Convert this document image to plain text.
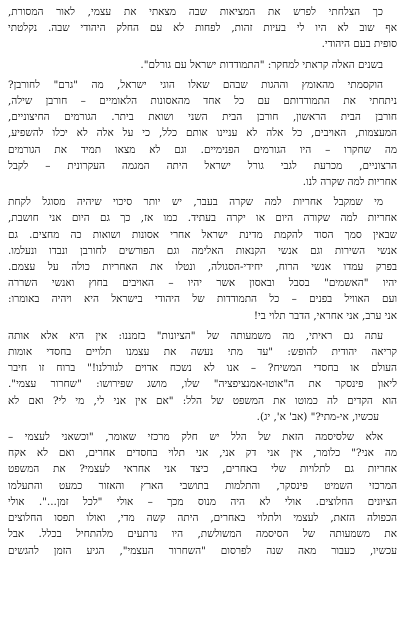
כך הצלחתי לפרש את המציאות שבה מצאתי את עצמי, לאור המסורת,
אף שוב לא היו לי בעיות זהות, לפחות לא עם החלק היהודי שבה. נקלטתי
סופית בעם היהודי.
בשנים האלה קראתי למחקר: "התמודדות ישראל עם גורלם".
הוקסמתי מהאומץ וההגות שבהם שאלו הוגי ישראל, מה "גרם" לחורבן?
ניתחתי את התמודדותם עם כל אחד מהאסונות הלאומיים – חורבן שילה,
חורבן הבית הראשון, חורבן הבית השני ושואת ביתר. הגורמים החיצוניים,
המעצמות, האויבים, כל אלה לא עניינו אותם כלל, כי על אלה לא יכלו להשפיע,
מה שחקרו – היו הגורמים הפנימיים. וגם לא מצאו תמיד את הגורמים
הרצוניים, מכרעת לגבי גורל ישראל היתה המגמה העקרונית – לקבל
אחריות למה שקרה לנו.
מי שמקבל אחריות למה שקרה בעבר, יש יותר סיכוי שיהיה מסוגל לקחת
אחריות למה שקורה היום או יקרה בעתיד. כמו אז, כך גם היום אני חושבת,
שבאין סמך הסוד להקמת מדינת ישראל אחרי אסונות ושואות כה מחצים. גם
אנשי השירות וגם אנשי הקנאות האלימה וגם הפורשים לחורבן ונבדו ונעלמו.
בפרק עמדו אנשי הרוח, יחידי-הסגולה, ונטלו את האחריות כולה על עצמם.
יהיו "האשמים" בסבל ובאסון אשר יהיו – האויבים בחוץ ואנשי השררה
ועם האוויל בפנים – כל התמודדות של היהודי בישראל היא ויהיה באומרו:
אני ערב, אני אחראי, הדבר תלוי בי!
עתה גם ראיתי, מה משמעותה של "הציונות" בזמננו: אין היא אלא אותה
קריאה יהודית להופש: "עד מתי נעשה את עצמנו תלויים בחסדי אומות
העולם או בחסדי המשיח? – אנו לא נשכח אדוים לגורלנו!" ברוח זו חיבר
ליאון פינסקר את ה"אוטו-אמנציפציה" שלו, מושג שפירושו: "שחרור עצמי".
הוא הקדים לה כמוטו את המשפט של הלל: "אם אין אני לי, מי לי? ואם לא
עכשיו, אי-מתי?" (אב' א', יג).
אלא שלסיסמה הזאת של הלל יש חלק מרכזי שאומר, "וכשאני לעצמי –
מה אני?" כלומר, אין אני דק אני, אני תלוי בחסדים אחרים, ואם לא אקח
אחריות גם לתלויות שלי באחרים, כיצד אני אחראי לעצמי? את המשפט
המרכזי השמיט פינסקר, והתלמות בתושבי הארץ והאזור כמעט והתעלמו
הציונים החלוצים. אולי לא היה מנוס מכך – אולי "לכל זמן...". אולי
הכפולה הזאת, לעצמי ולתלוי באחרים, היתה קשה מדי, ואולו תפסו החלוצים
את משמעותה של הסיסמה המשולשת, היו נרתעים מלהתחיל בכלל. אבל
עכשיו, כעבור מאה שנה לפרסום "השחרור העצמי", הגיע הזמן להגשים
